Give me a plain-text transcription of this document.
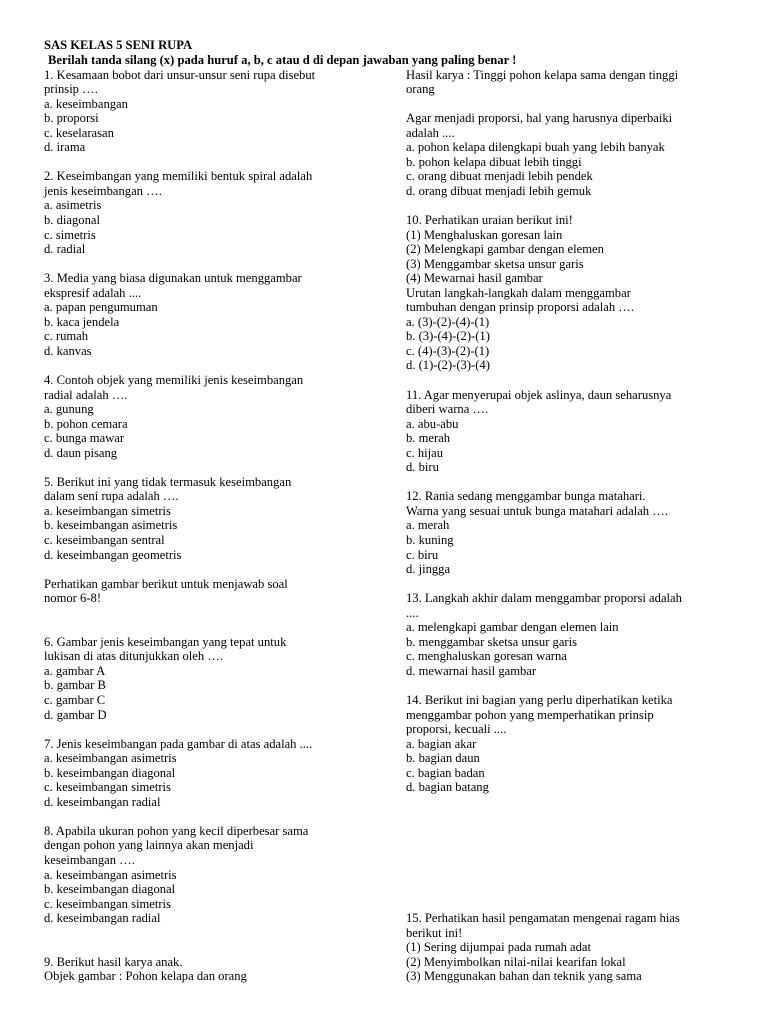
SAS KELAS 5 SENI RUPA
Berilah tanda silang (x) pada huruf a, b, c atau d di depan jawaban yang paling benar !
1. Kesamaan bobot dari unsur-unsur seni rupa disebut
prinsip ….
a. keseimbangan
b. proporsi
c. keselarasan
d. irama
2. Keseimbangan yang memiliki bentuk spiral adalah
jenis keseimbangan ….
a. asimetris
b. diagonal
c. simetris
d. radial
3. Media yang biasa digunakan untuk menggambar
ekspresif adalah ....
a. papan pengumuman
b. kaca jendela
c. rumah
d. kanvas
4. Contoh objek yang memiliki jenis keseimbangan
radial adalah ….
a. gunung
b. pohon cemara
c. bunga mawar
d. daun pisang
5. Berikut ini yang tidak termasuk keseimbangan
dalam seni rupa adalah ….
a. keseimbangan simetris
b. keseimbangan asimetris
c. keseimbangan sentral
d. keseimbangan geometris
Perhatikan gambar berikut untuk menjawab soal
nomor 6-8!
6. Gambar jenis keseimbangan yang tepat untuk
lukisan di atas ditunjukkan oleh ….
a. gambar A
b. gambar B
c. gambar C
d. gambar D
7. Jenis keseimbangan pada gambar di atas adalah ....
a. keseimbangan asimetris
b. keseimbangan diagonal
c. keseimbangan simetris
d. keseimbangan radial
8. Apabila ukuran pohon yang kecil diperbesar sama
dengan pohon yang lainnya akan menjadi
keseimbangan ….
a. keseimbangan asimetris
b. keseimbangan diagonal
c. keseimbangan simetris
d. keseimbangan radial
9. Berikut hasil karya anak.
Objek gambar : Pohon kelapa dan orang
Hasil karya : Tinggi pohon kelapa sama dengan tinggi
orang
Agar menjadi proporsi, hal yang harusnya diperbaiki
adalah ....
a. pohon kelapa dilengkapi buah yang lebih banyak
b. pohon kelapa dibuat lebih tinggi
c. orang dibuat menjadi lebih pendek
d. orang dibuat menjadi lebih gemuk
10. Perhatikan uraian berikut ini!
(1) Menghaluskan goresan lain
(2) Melengkapi gambar dengan elemen
(3) Menggambar sketsa unsur garis
(4) Mewarnai hasil gambar
Urutan langkah-langkah dalam menggambar
tumbuhan dengan prinsip proporsi adalah ….
a. (3)-(2)-(4)-(1)
b. (3)-(4)-(2)-(1)
c. (4)-(3)-(2)-(1)
d. (1)-(2)-(3)-(4)
11. Agar menyerupai objek aslinya, daun seharusnya
diberi warna ….
a. abu-abu
b. merah
c. hijau
d. biru
12. Rania sedang menggambar bunga matahari.
Warna yang sesuai untuk bunga matahari adalah ….
a. merah
b. kuning
c. biru
d. jingga
13. Langkah akhir dalam menggambar proporsi adalah
....
a. melengkapi gambar dengan elemen lain
b. menggambar sketsa unsur garis
c. menghaluskan goresan warna
d. mewarnai hasil gambar
14. Berikut ini bagian yang perlu diperhatikan ketika
menggambar pohon yang memperhatikan prinsip
proporsi, kecuali ....
a. bagian akar
b. bagian daun
c. bagian badan
d. bagian batang
15. Perhatikan hasil pengamatan mengenai ragam hias
berikut ini!
(1) Sering dijumpai pada rumah adat
(2) Menyimbolkan nilai-nilai kearifan lokal
(3) Menggunakan bahan dan teknik yang sama
